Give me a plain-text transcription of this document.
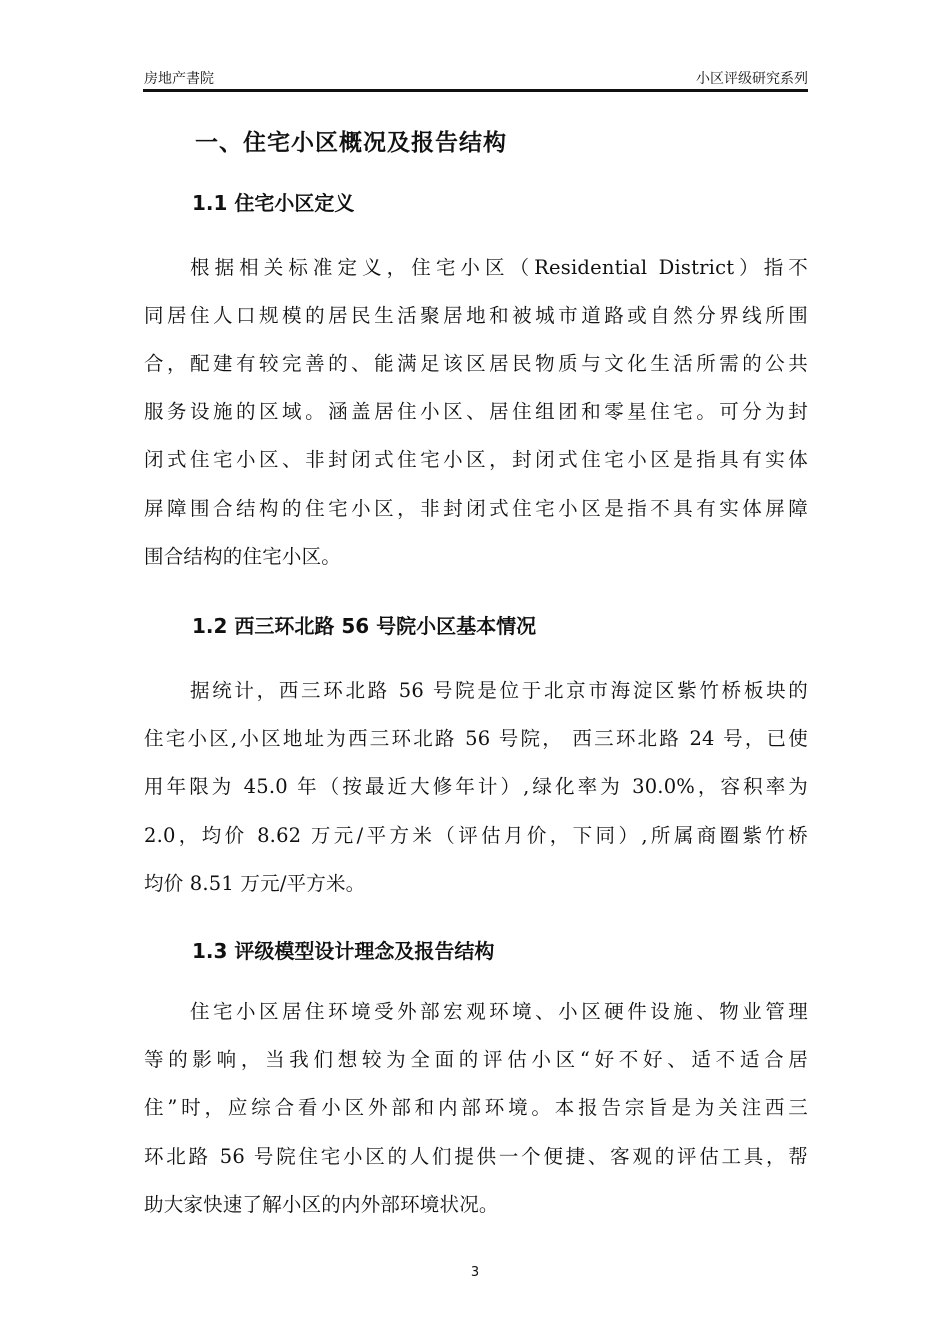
房地产書院	小区评级研究系列
一、住宅小区概况及报告结构
1.1 住宅小区定义
根据相关标准定义，住宅小区（Residential District）指不
同居住人口规模的居民生活聚居地和被城市道路或自然分界线所围
合，配建有较完善的、能满足该区居民物质与文化生活所需的公共
服务设施的区域。涵盖居住小区、居住组团和零星住宅。可分为封
闭式住宅小区、非封闭式住宅小区，封闭式住宅小区是指具有实体
屏障围合结构的住宅小区，非封闭式住宅小区是指不具有实体屏障
围合结构的住宅小区。
1.2 西三环北路 56 号院小区基本情况
据统计，西三环北路 56 号院是位于北京市海淀区紫竹桥板块的
住宅小区,小区地址为西三环北路 56 号院， 西三环北路 24 号，已使
用年限为 45.0 年（按最近大修年计）,绿化率为 30.0%，容积率为
2.0，均价 8.62 万元/平方米（评估月价，下同）,所属商圈紫竹桥
均价 8.51 万元/平方米。
1.3 评级模型设计理念及报告结构
住宅小区居住环境受外部宏观环境、小区硬件设施、物业管理
等的影响，当我们想较为全面的评估小区“好不好、适不适合居
住”时，应综合看小区外部和内部环境。本报告宗旨是为关注西三
环北路 56 号院住宅小区的人们提供一个便捷、客观的评估工具，帮
助大家快速了解小区的内外部环境状况。
3
